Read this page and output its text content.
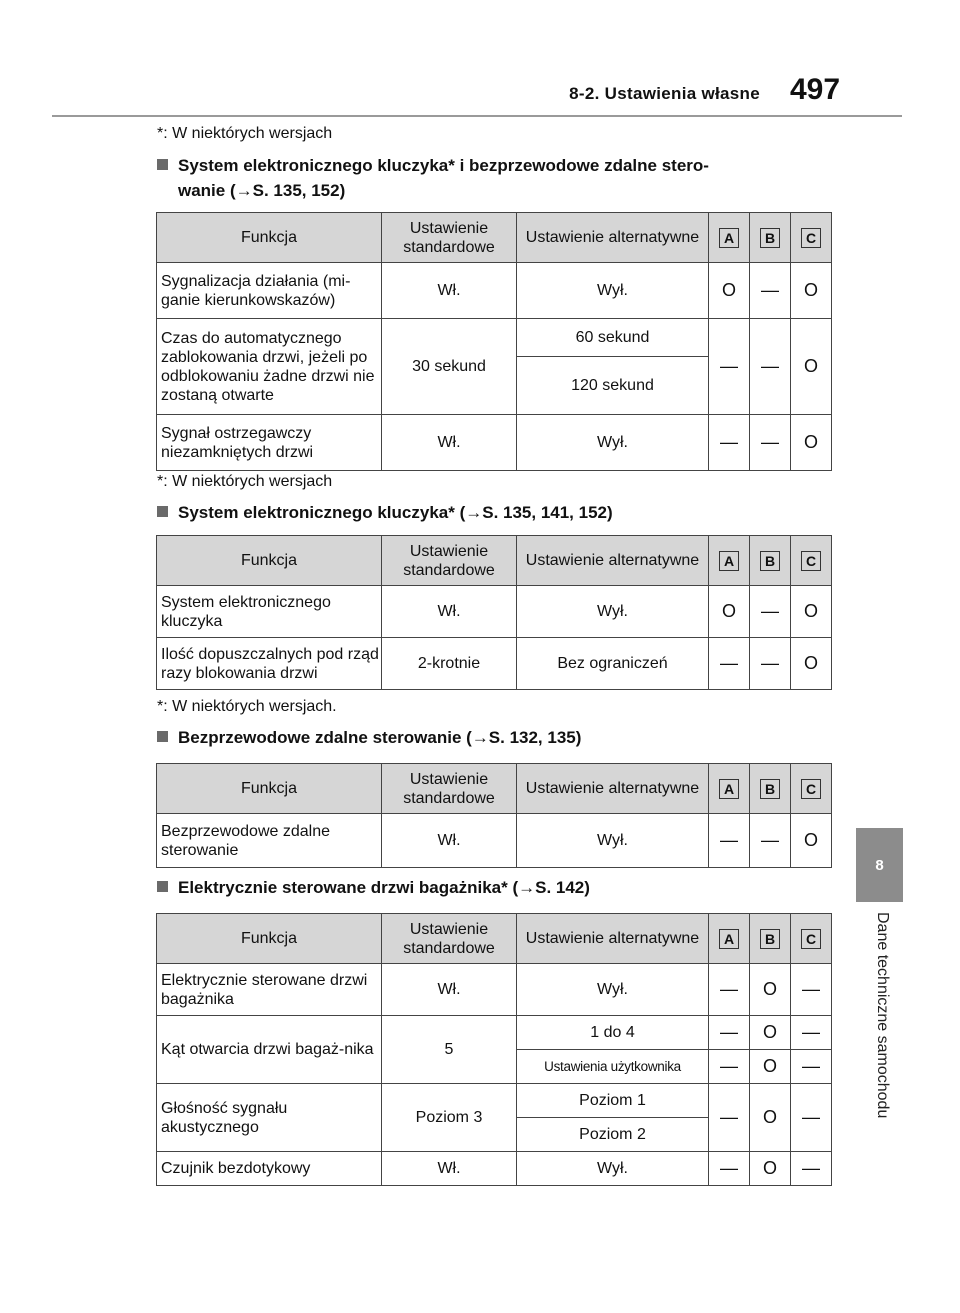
8-2. Ustawienia własne 497
8
Dane techniczne samochodu
*: W niektórych wersjach
System elektronicznego kluczyka* i bezprzewodowe zdalne stero-
wanie (→S. 135, 152)
Funkcja	Ustawienie standardowe	Ustawienie alternatywne	A	B	C
Sygnalizacja działania (mi-ganie kierunkowskazów)	Wł.	Wył.	O	—	O
Czas do automatycznego zablokowania drzwi, jeżeli po odblokowaniu żadne drzwi nie zostaną otwarte	30 sekund	60 sekund	—	—	O
		120 sekund			
Sygnał ostrzegawczy niezamkniętych drzwi	Wł.	Wył.	—	—	O
*: W niektórych wersjach
System elektronicznego kluczyka* (→S. 135, 141, 152)
Funkcja	Ustawienie standardowe	Ustawienie alternatywne	A	B	C
System elektronicznego kluczyka	Wł.	Wył.	O	—	O
Ilość dopuszczalnych pod rząd razy blokowania drzwi	2-krotnie	Bez ograniczeń	—	—	O
*: W niektórych wersjach.
Bezprzewodowe zdalne sterowanie (→S. 132, 135)
Funkcja	Ustawienie standardowe	Ustawienie alternatywne	A	B	C
Bezprzewodowe zdalne sterowanie	Wł.	Wył.	—	—	O
Elektrycznie sterowane drzwi bagażnika* (→S. 142)
Funkcja	Ustawienie standardowe	Ustawienie alternatywne	A	B	C
Elektrycznie sterowane drzwi bagażnika	Wł.	Wył.	—	O	—
Kąt otwarcia drzwi bagaż-nika	5	1 do 4	—	O	—
		Ustawienia użytkownika	—	O	—
Głośność sygnału akustycznego	Poziom 3	Poziom 1	—	O	—
		Poziom 2			
Czujnik bezdotykowy	Wł.	Wył.	—	O	—
